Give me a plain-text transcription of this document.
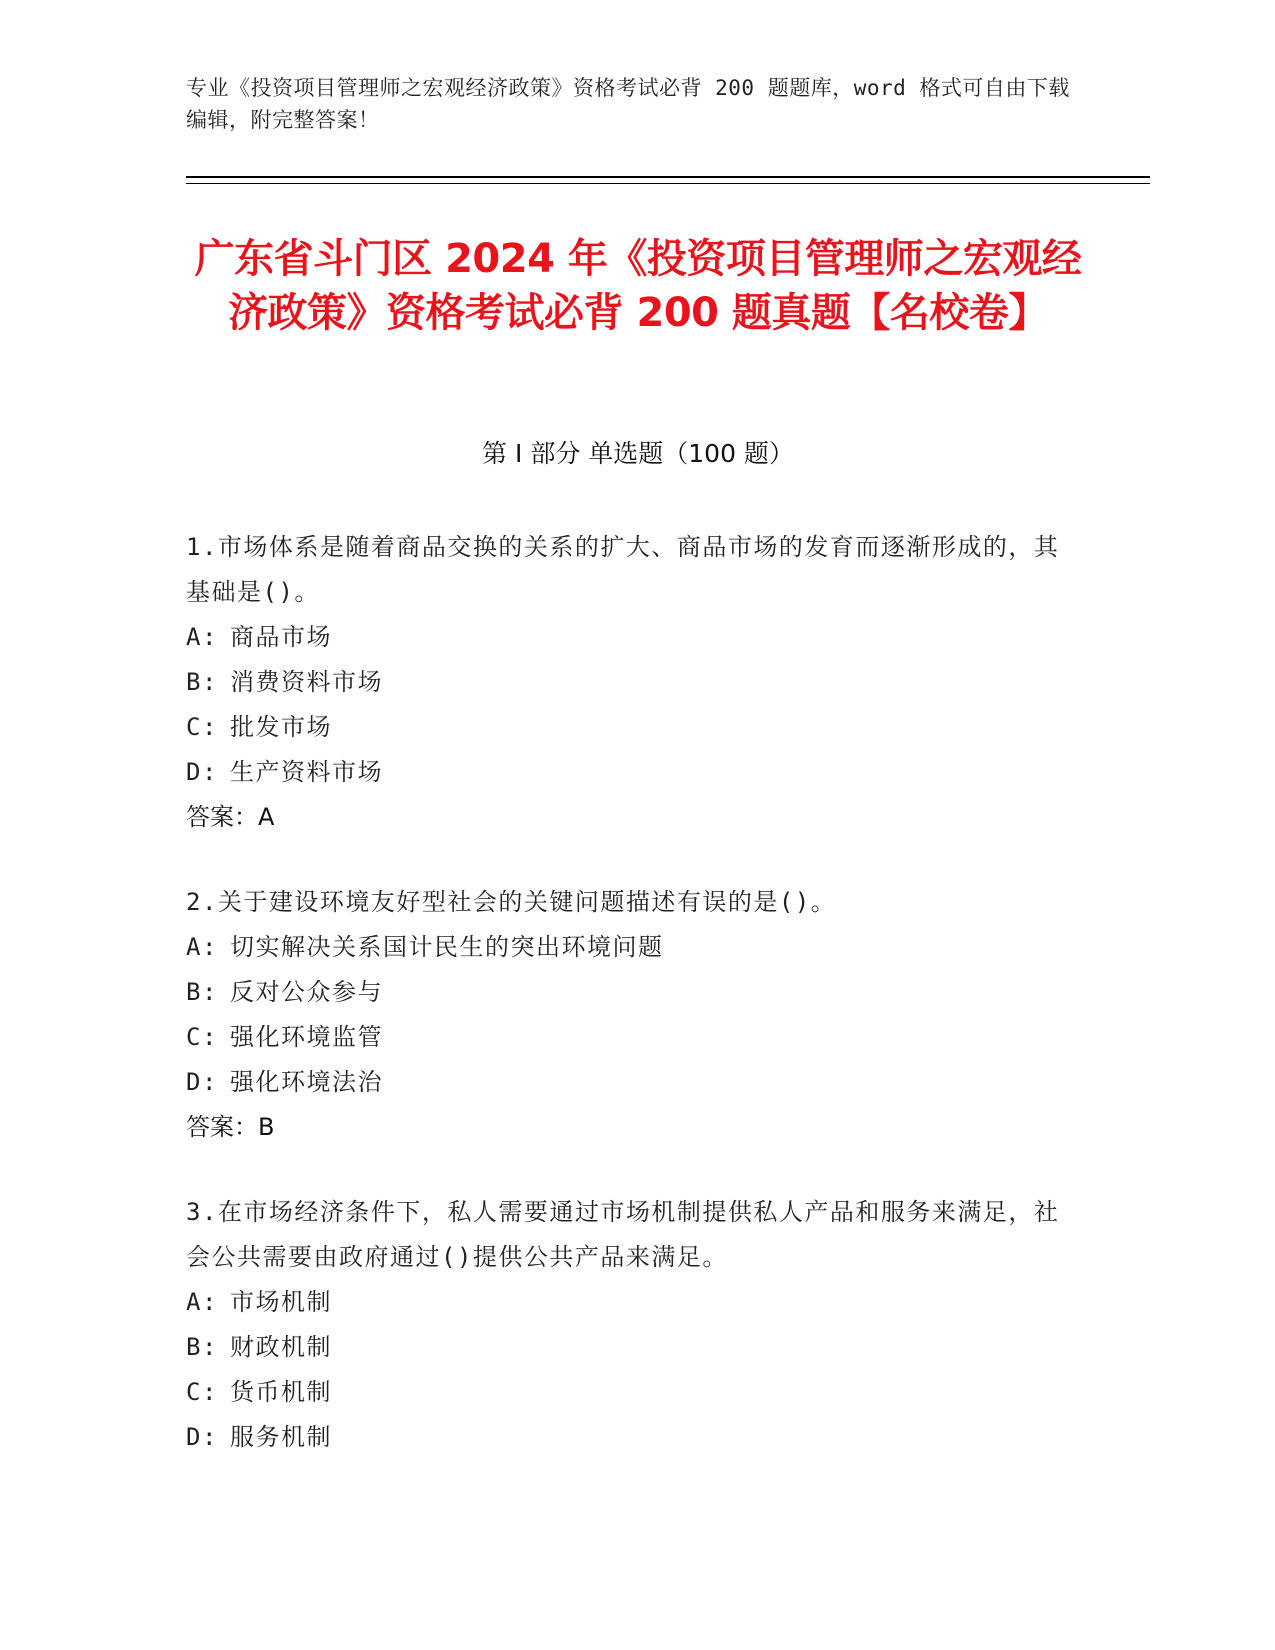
专业《投资项目管理师之宏观经济政策》资格考试必背 200 题题库，word 格式可自由下载编辑，附完整答案！
广东省斗门区 2024 年《投资项目管理师之宏观经济政策》资格考试必背 200 题真题【名校卷】
第 I 部分 单选题（100 题）
1.市场体系是随着商品交换的关系的扩大、商品市场的发育而逐渐形成的，其基础是()。
A: 商品市场
B: 消费资料市场
C: 批发市场
D: 生产资料市场
答案： A
2.关于建设环境友好型社会的关键问题描述有误的是()。
A: 切实解决关系国计民生的突出环境问题
B: 反对公众参与
C: 强化环境监管
D: 强化环境法治
答案： B
3.在市场经济条件下，私人需要通过市场机制提供私人产品和服务来满足，社会公共需要由政府通过()提供公共产品来满足。
A: 市场机制
B: 财政机制
C: 货币机制
D: 服务机制
